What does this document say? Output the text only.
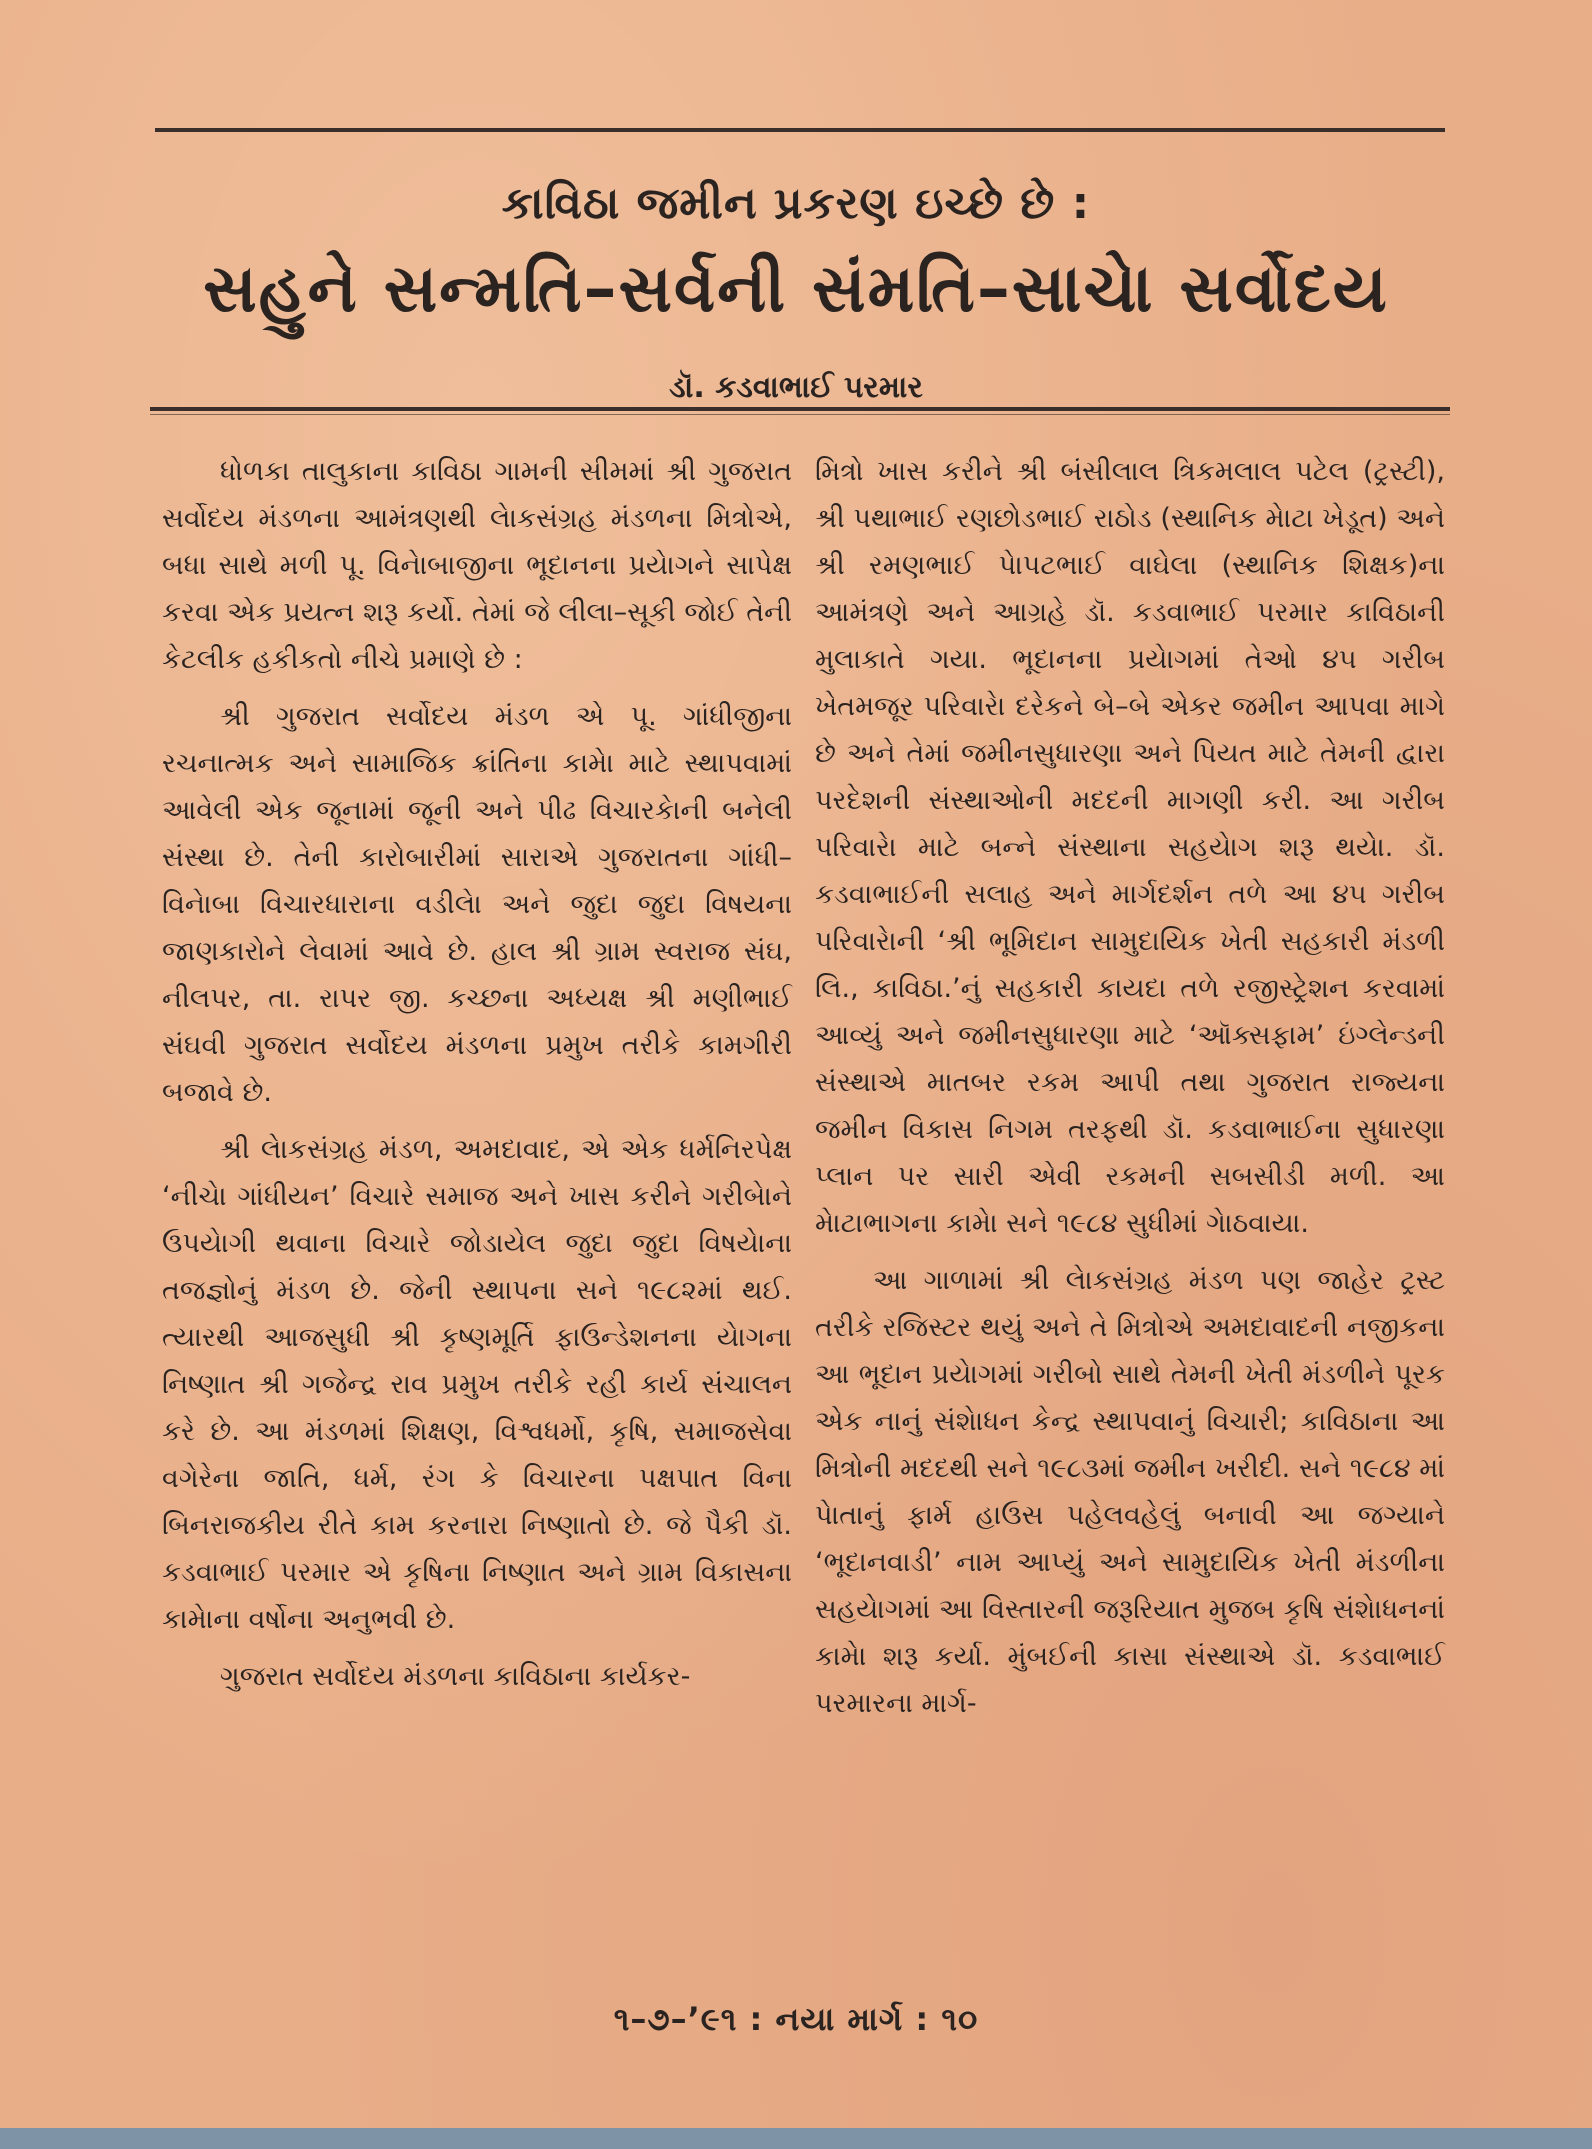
કાવિઠા જમીન પ્રકરણ ઇચ્છે છે :
સહુને સન્મતિ–સર્વની સંમતિ–સાચેા સર્વોદય
ડૉ. કડવાભાઈ પરમાર

ધોળકા તાલુકાના કાવિઠા ગામની સીમમાં શ્રી ગુજરાત સર્વોદય મંડળના આમંત્રણથી લેાકસંગ્રહ મંડળના મિત્રોએ, બધા સાથે મળી પૂ. વિનેાબાજીના ભૂદાનના પ્રયેાગને સાપેક્ષ કરવા એક પ્રયત્ન શરૂ કર્યો. તેમાં જે લીલા–સૂકી જોઈ તેની કેટલીક હકીકતો નીચે પ્રમાણે છે :

શ્રી ગુજરાત સર્વોદય મંડળ એ પૂ. ગાંધીજીના રચનાત્મક અને સામાજિક ક્રાંતિના કામેા માટે સ્થાપવામાં આવેલી એક જૂનામાં જૂની અને પીઢ વિચારકેાની બનેલી સંસ્થા છે. તેની કારોબારીમાં સારાએ ગુજરાતના ગાંધી–વિનેાબા વિચારધારાના વડીલેા અને જુદા જુદા વિષયના જાણકારોને લેવામાં આવે છે. હાલ શ્રી ગ્રામ સ્વરાજ સંઘ, નીલપર, તા. રાપર જી. કચ્છના અધ્યક્ષ શ્રી મણીભાઈ સંઘવી ગુજરાત સર્વોદય મંડળના પ્રમુખ તરીકે કામગીરી બજાવે છે.

શ્રી લેાકસંગ્રહ મંડળ, અમદાવાદ, એ એક ધર્મનિરપેક્ષ ‘નીચેા ગાંધીયન’ વિચારે સમાજ અને ખાસ કરીને ગરીબેાને ઉપયેાગી થવાના વિચારે જોડાયેલ જુદા જુદા વિષયેાના તજજ્ઞોનું મંડળ છે. જેની સ્થાપના સને ૧૯૮૨માં થઈ. ત્યારથી આજસુધી શ્રી કૃષ્ણમૂર્તિ ફાઉન્ડેશનના યેાગના નિષ્ણાત શ્રી ગજેન્દ્ર રાવ પ્રમુખ તરીકે રહી કાર્ય સંચાલન કરે છે. આ મંડળમાં શિક્ષણ, વિશ્વધર્મો, કૃષિ, સમાજસેવા વગેરેના જાતિ, ધર્મ, રંગ કે વિચારના પક્ષપાત વિના બિનરાજકીય રીતે કામ કરનારા નિષ્ણાતો છે. જે પૈકી ડૉ. કડવાભાઈ પરમાર એ કૃષિના નિષ્ણાત અને ગ્રામ વિકાસના કામેાના વર્ષોના અનુભવી છે.

ગુજરાત સર્વોદય મંડળના કાવિઠાના કાર્યકર-

મિત્રો ખાસ કરીને શ્રી બંસીલાલ ત્રિકમલાલ પટેલ (ટ્રસ્ટી), શ્રી પથાભાઈ રણછોડભાઈ રાઠોડ (સ્થાનિક મેાટા ખેડૂત) અને શ્રી રમણભાઈ પેાપટભાઈ વાઘેલા (સ્થાનિક શિક્ષક)ના આમંત્રણે અને આગ્રહે ડૉ. કડવાભાઈ પરમાર કાવિઠાની મુલાકાતે ગયા. ભૂદાનના પ્રયેાગમાં તેઓ ૪૫ ગરીબ ખેતમજૂર પરિવારેા દરેકને બે–બે એકર જમીન આપવા માગે છે અને તેમાં જમીનસુધારણા અને પિયત માટે તેમની દ્વારા પરદેશની સંસ્થાઓની મદદની માગણી કરી. આ ગરીબ પરિવારેા માટે બન્ને સંસ્થાના સહયેાગ શરૂ થયેા. ડૉ. કડવાભાઈની સલાહ અને માર્ગદર્શન તળે આ ૪૫ ગરીબ પરિવારેાની ‘શ્રી ભૂમિદાન સામુદાયિક ખેતી સહકારી મંડળી લિ., કાવિઠા.’નું સહકારી કાયદા તળે રજીસ્ટ્રેશન કરવામાં આવ્યું અને જમીનસુધારણા માટે ‘ઑક્સફામ’ ઇંગ્લેન્ડની સંસ્થાએ માતબર રકમ આપી તથા ગુજરાત રાજ્યના જમીન વિકાસ નિગમ તરફથી ડૉ. કડવાભાઈના સુધારણા પ્લાન પર સારી એવી રકમની સબસીડી મળી. આ મેાટાભાગના કામેા સને ૧૯૮૪ સુધીમાં ગેાઠવાયા.

આ ગાળામાં શ્રી લેાકસંગ્રહ મંડળ પણ જાહેર ટ્રસ્ટ તરીકે રજિસ્ટર થયું અને તે મિત્રોએ અમદાવાદની નજીકના આ ભૂદાન પ્રયેાગમાં ગરીબો સાથે તેમની ખેતી મંડળીને પૂરક એક નાનું સંશેાધન કેન્દ્ર સ્થાપવાનું વિચારી; કાવિઠાના આ મિત્રોની મદદથી સને ૧૯૮૩માં જમીન ખરીદી. સને ૧૯૮૪ માં પેાતાનું ફાર્મ હાઉસ પહેલવહેલું બનાવી આ જગ્યાને ‘ભૂદાનવાડી’ નામ આપ્યું અને સામુદાયિક ખેતી મંડળીના સહયેાગમાં આ વિસ્તારની જરૂરિયાત મુજબ કૃષિ સંશેાધનનાં કામેા શરૂ કર્યા. મુંબઈની કાસા સંસ્થાએ ડૉ. કડવાભાઈ પરમારના માર્ગ-

૧–૭–’૯૧ : નયા માર્ગ : ૧૦
